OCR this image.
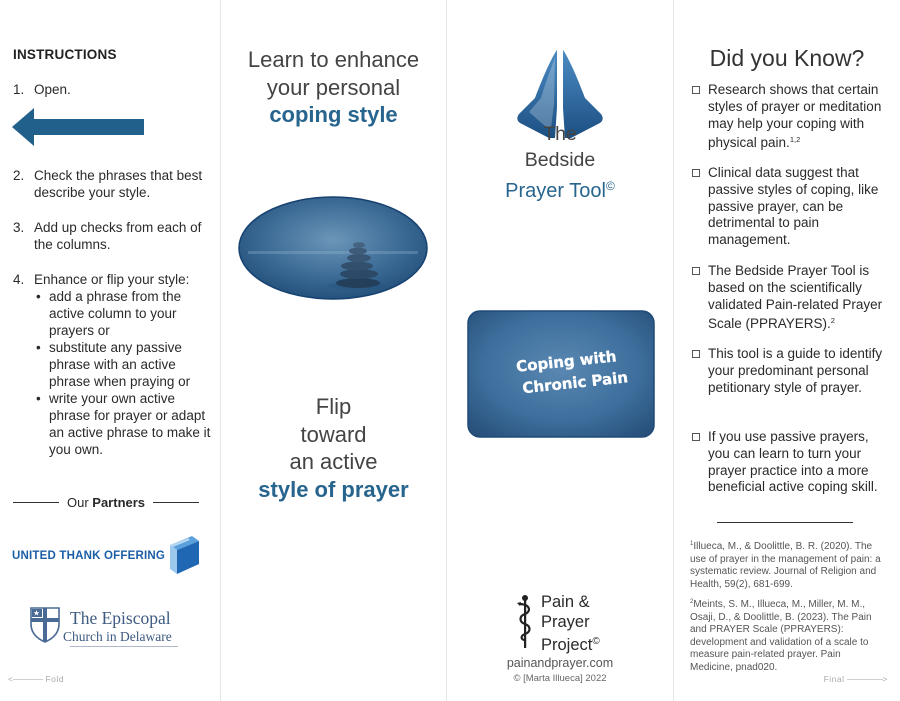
INSTRUCTIONS
1. Open.
2. Check the phrases that best describe your style.
3. Add up checks from each of the columns.
4. Enhance or flip your style:
• add a phrase from the active column to your prayers or
• substitute any passive phrase with an active phrase when praying or
• write your own active phrase for prayer or adapt an active phrase to make it you own.
Our Partners
UNITED THANK OFFERING
The Episcopal
Church in Delaware
<	Fold
Learn to enhance
your personal
coping style
Flip
toward
an active
style of prayer
The
Bedside
Prayer Tool©
Coping with
Chronic Pain
Pain &
Prayer
Project©
painandprayer.com
© [Marta Illueca] 2022
Did you Know?
Research shows that certain styles of prayer or meditation may help your coping with physical pain.$^{1,2}$
Clinical data suggest that passive styles of coping, like passive prayer, can be detrimental to pain management.
The Bedside Prayer Tool is based on the scientifically validated Pain-related Prayer Scale (PPRAYERS).$^2$
This tool is a guide to identify your predominant personal petitionary style of prayer.
If you use passive prayers, you can learn to turn your prayer practice into a more beneficial active coping skill.
$^1$Illueca, M., & Doolittle, B. R. (2020). The use of prayer in the management of pain: a systematic review. Journal of Religion and Health, 59(2), 681-699.
$^2$Meints, S. M., Illueca, M., Miller, M. M., Osaji, D., & Doolittle, B. (2023). The Pain and PRAYER Scale (PPRAYERS): development and validation of a scale to measure pain-related prayer. Pain Medicine, pnad020.
Final	>
